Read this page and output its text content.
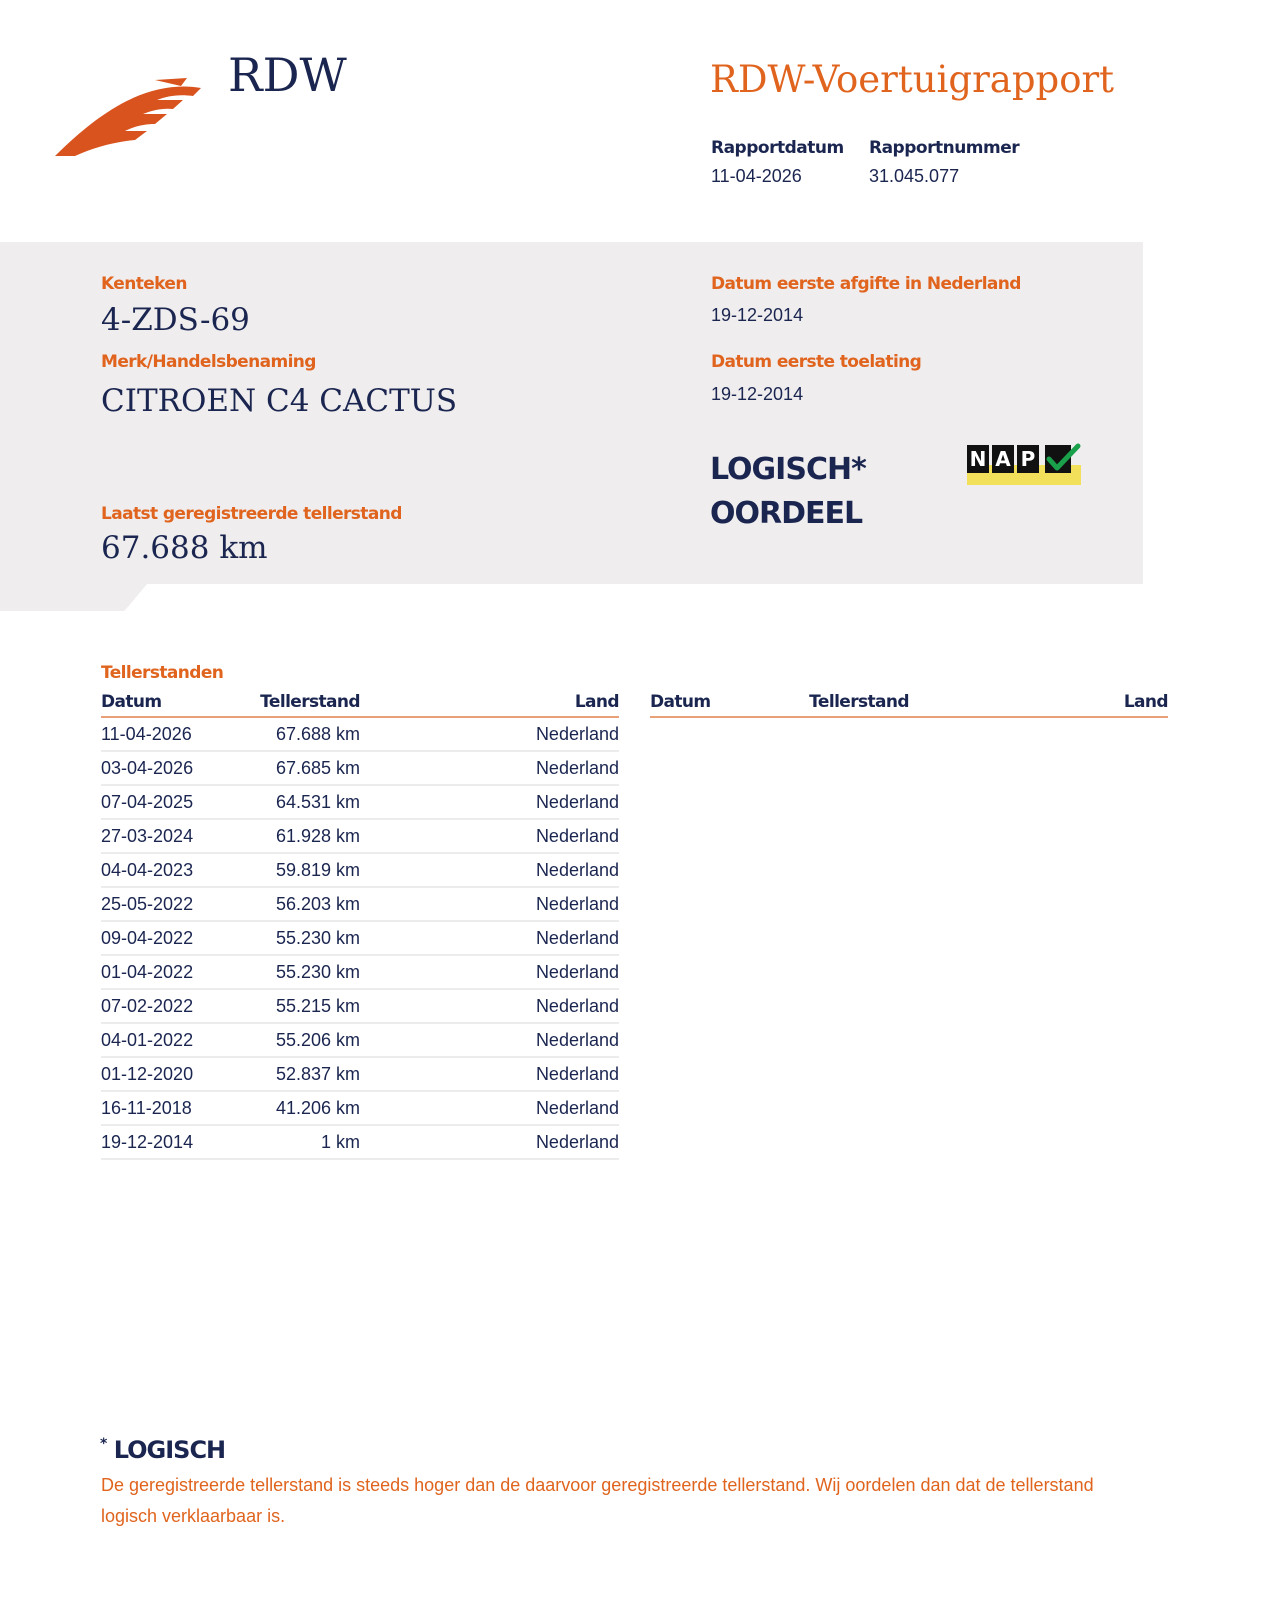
RDW	RDW-Voertuigrapport
Rapportdatum
11-04-2026
Rapportnummer
31.045.077
Kenteken
4-ZDS-69
Merk/Handelsbenaming
CITROEN C4 CACTUS
Laatst geregistreerde tellerstand
67.688 km
Datum eerste afgifte in Nederland
19-12-2014
Datum eerste toelating
19-12-2014
LOGISCH*
OORDEEL
N A P
Tellerstanden
Datum	Tellerstand	Land
11-04-2026	67.688 km	Nederland
03-04-2026	67.685 km	Nederland
07-04-2025	64.531 km	Nederland
27-03-2024	61.928 km	Nederland
04-04-2023	59.819 km	Nederland
25-05-2022	56.203 km	Nederland
09-04-2022	55.230 km	Nederland
01-04-2022	55.230 km	Nederland
07-02-2022	55.215 km	Nederland
04-01-2022	55.206 km	Nederland
01-12-2020	52.837 km	Nederland
16-11-2018	41.206 km	Nederland
19-12-2014	1 km	Nederland
Datum	Tellerstand	Land
* LOGISCH
De geregistreerde tellerstand is steeds hoger dan de daarvoor geregistreerde tellerstand. Wij oordelen dan dat de tellerstand logisch verklaarbaar is.
